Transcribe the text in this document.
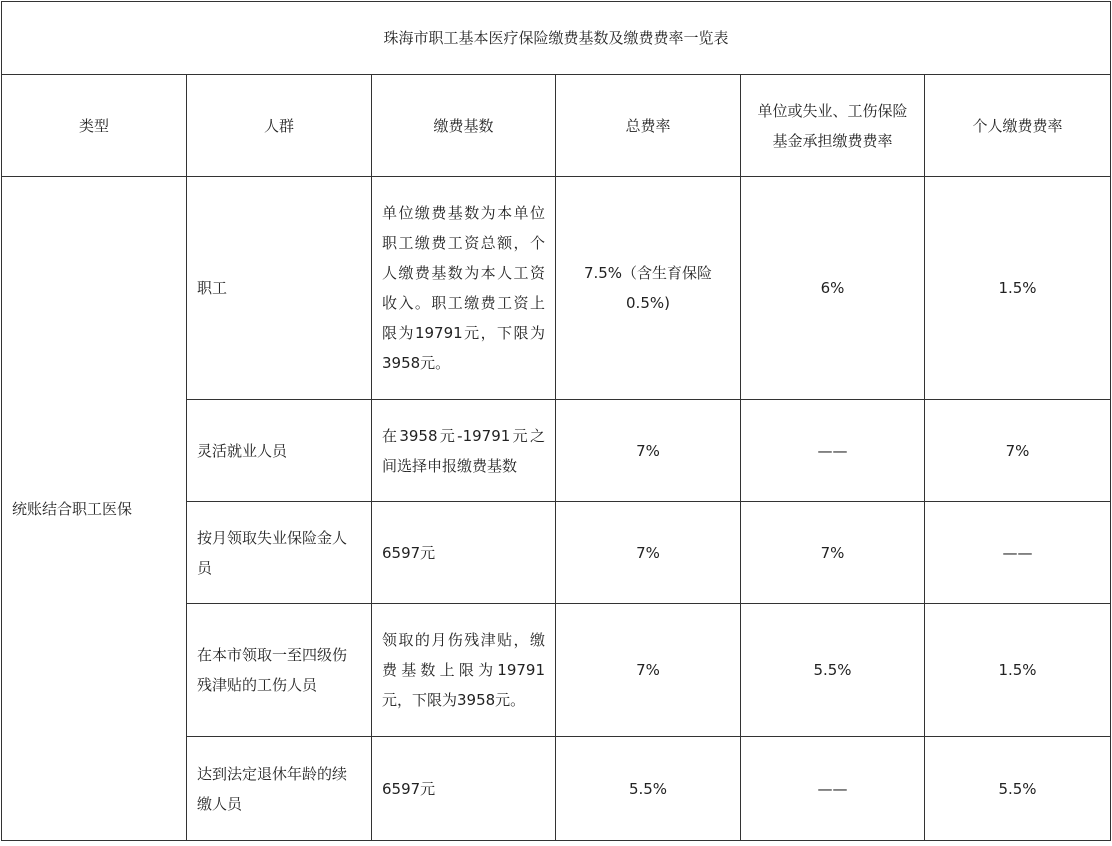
珠海市职工基本医疗保险缴费基数及缴费费率一览表					
类型	人群	缴费基数	总费率	单位或失业、工伤保险基金承担缴费费率	个人缴费费率
统账结合职工医保	职工	单位缴费基数为本单位职工缴费工资总额，个人缴费基数为本人工资收入。职工缴费工资上限为19791元，下限为3958元。	7.5%（含生育保险0.5%)	6%	1.5%
	灵活就业人员	在3958元-19791元之间选择申报缴费基数	7%	——	7%
	按月领取失业保险金人员	6597元	7%	7%	——
	在本市领取一至四级伤残津贴的工伤人员	领取的月伤残津贴，缴费基数上限为19791元，下限为3958元。	7%	5.5%	1.5%
	达到法定退休年龄的续缴人员	6597元	5.5%	——	5.5%
